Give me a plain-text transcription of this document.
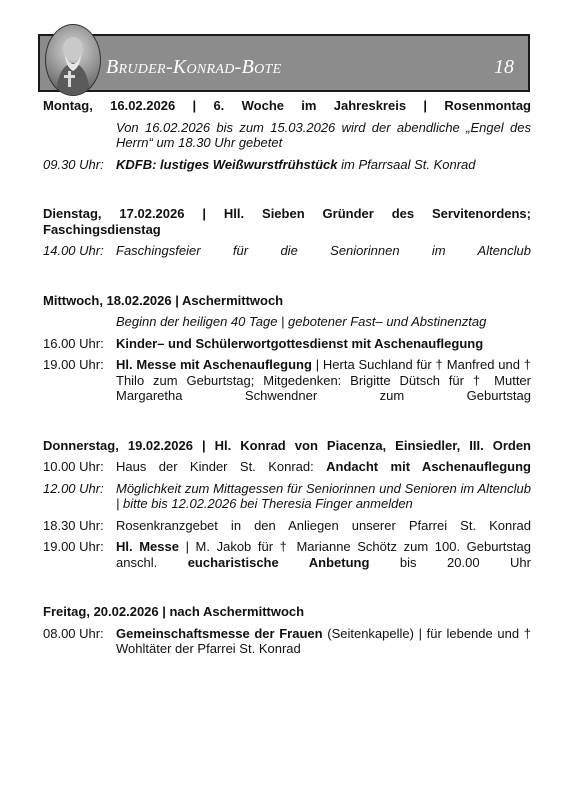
Bruder-Konrad-Bote	18
Montag, 16.02.2026 | 6. Woche im Jahreskreis | Rosenmontag
Von 16.02.2026 bis zum 15.03.2026 wird der abendliche „Engel des Herrn“ um 18.30 Uhr gebetet
09.30 Uhr: KDFB: lustiges Weißwurstfrühstück im Pfarrsaal St. Konrad
Dienstag, 17.02.2026 | Hll. Sieben Gründer des Servitenordens;
Faschingsdienstag
14.00 Uhr: Faschingsfeier für die Seniorinnen im Altenclub
Mittwoch, 18.02.2026 | Aschermittwoch
Beginn der heiligen 40 Tage | gebotener Fast– und Abstinenztag
16.00 Uhr: Kinder– und Schülerwortgottesdienst mit Aschenauflegung
19.00 Uhr: Hl. Messe mit Aschenauflegung | Herta Suchland für † Manfred und † Thilo zum Geburtstag; Mitgedenken: Brigitte Dütsch für † Mutter Margaretha Schwendner zum Geburtstag
Donnerstag, 19.02.2026 | Hl. Konrad von Piacenza, Einsiedler, III. Orden
10.00 Uhr: Haus der Kinder St. Konrad: Andacht mit Aschenauflegung
12.00 Uhr: Möglichkeit zum Mittagessen für Seniorinnen und Senioren im Altenclub | bitte bis 12.02.2026 bei Theresia Finger anmelden
18.30 Uhr: Rosenkranzgebet in den Anliegen unserer Pfarrei St. Konrad
19.00 Uhr: Hl. Messe | M. Jakob für † Marianne Schötz zum 100. Geburtstag anschl. eucharistische Anbetung bis 20.00 Uhr
Freitag, 20.02.2026 | nach Aschermittwoch
08.00 Uhr: Gemeinschaftsmesse der Frauen (Seitenkapelle) | für lebende und † Wohltäter der Pfarrei St. Konrad
